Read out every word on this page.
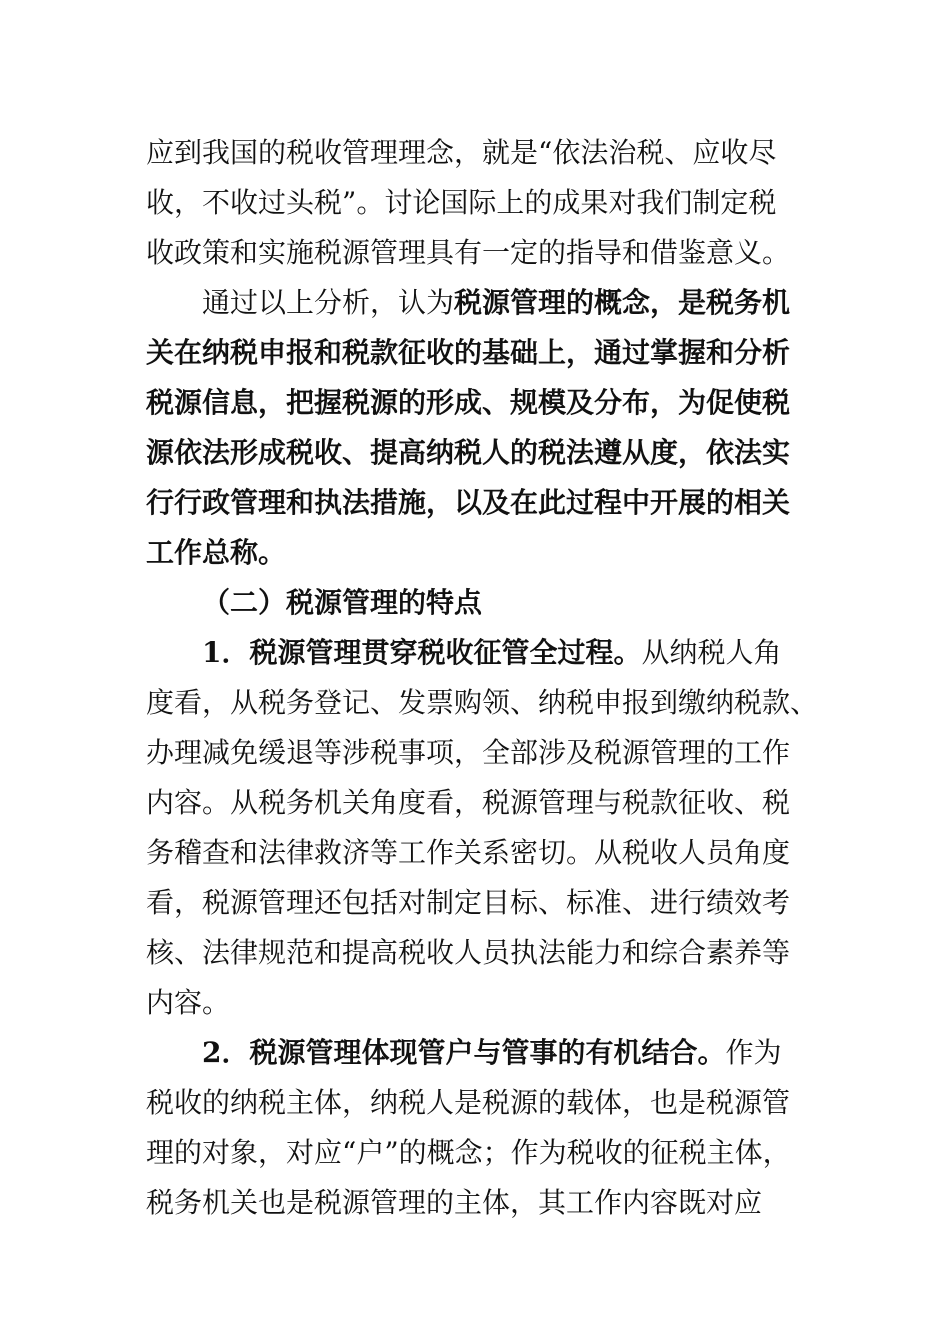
应到我国的税收管理理念，就是“依法治税、应收尽
收，不收过头税”。讨论国际上的成果对我们制定税
收政策和实施税源管理具有一定的指导和借鉴意义。
通过以上分析，认为税源管理的概念，是税务机
关在纳税申报和税款征收的基础上，通过掌握和分析
税源信息，把握税源的形成、规模及分布，为促使税
源依法形成税收、提高纳税人的税法遵从度，依法实
行行政管理和执法措施，以及在此过程中开展的相关
工作总称。
（二）税源管理的特点
1．税源管理贯穿税收征管全过程。从纳税人角
度看，从税务登记、发票购领、纳税申报到缴纳税款、
办理减免缓退等涉税事项，全部涉及税源管理的工作
内容。从税务机关角度看，税源管理与税款征收、税
务稽查和法律救济等工作关系密切。从税收人员角度
看，税源管理还包括对制定目标、标准、进行绩效考
核、法律规范和提高税收人员执法能力和综合素养等
内容。
2．税源管理体现管户与管事的有机结合。作为
税收的纳税主体，纳税人是税源的载体，也是税源管
理的对象，对应“户”的概念；作为税收的征税主体，
税务机关也是税源管理的主体，其工作内容既对应
